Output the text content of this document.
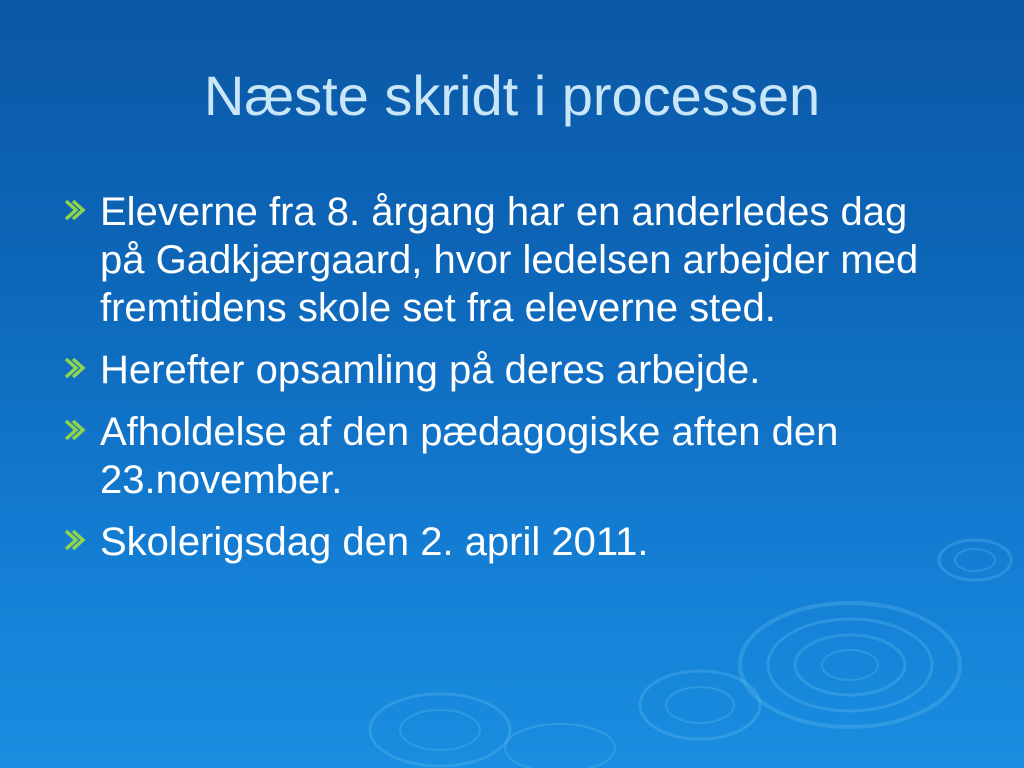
Næste skridt i processen
Eleverne fra 8. årgang har en anderledes dag på Gadkjærgaard, hvor ledelsen arbejder med fremtidens skole set fra eleverne sted.
Herefter opsamling på deres arbejde.
Afholdelse af den pædagogiske aften den 23.november.
Skolerigsdag den 2. april 2011.
